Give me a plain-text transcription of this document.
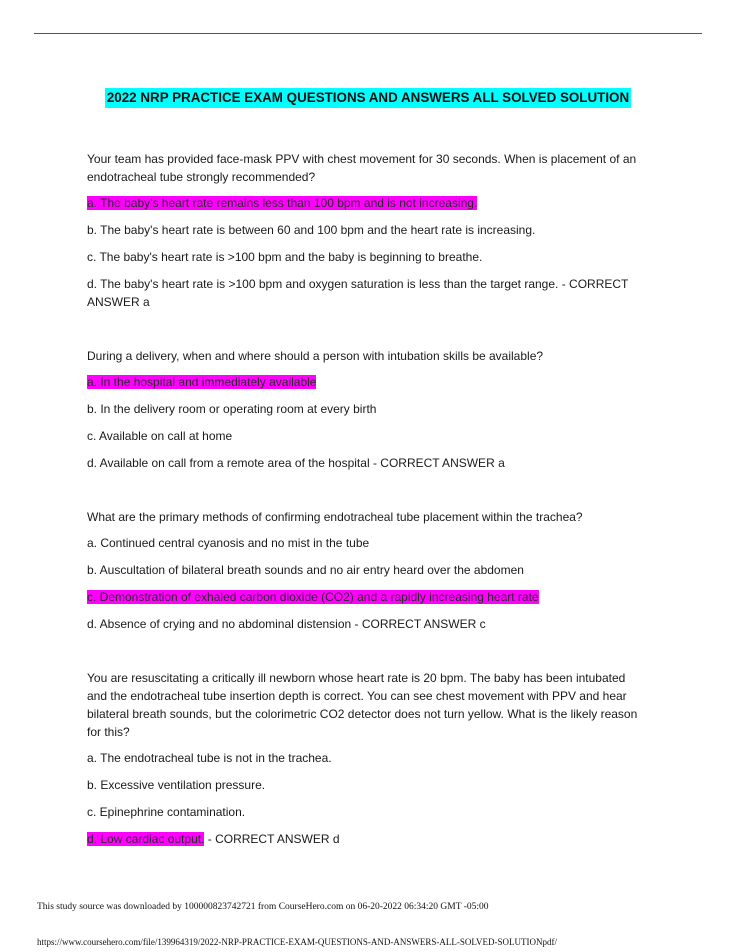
2022 NRP PRACTICE EXAM QUESTIONS AND ANSWERS ALL SOLVED SOLUTION

Your team has provided face-mask PPV with chest movement for 30 seconds. When is placement of an endotracheal tube strongly recommended?

a. The baby's heart rate remains less than 100 bpm and is not increasing.

b. The baby's heart rate is between 60 and 100 bpm and the heart rate is increasing.

c. The baby's heart rate is >100 bpm and the baby is beginning to breathe.

d. The baby's heart rate is >100 bpm and oxygen saturation is less than the target range. - CORRECT ANSWER a

During a delivery, when and where should a person with intubation skills be available?

a. In the hospital and immediately available

b. In the delivery room or operating room at every birth

c. Available on call at home

d. Available on call from a remote area of the hospital - CORRECT ANSWER a

What are the primary methods of confirming endotracheal tube placement within the trachea?

a. Continued central cyanosis and no mist in the tube

b. Auscultation of bilateral breath sounds and no air entry heard over the abdomen

c. Demonstration of exhaled carbon dioxide (CO2) and a rapidly increasing heart rate

d. Absence of crying and no abdominal distension - CORRECT ANSWER c

You are resuscitating a critically ill newborn whose heart rate is 20 bpm. The baby has been intubated and the endotracheal tube insertion depth is correct. You can see chest movement with PPV and hear bilateral breath sounds, but the colorimetric CO2 detector does not turn yellow. What is the likely reason for this?

a. The endotracheal tube is not in the trachea.

b. Excessive ventilation pressure.

c. Epinephrine contamination.

d. Low cardiac output. - CORRECT ANSWER d

This study source was downloaded by 100000823742721 from CourseHero.com on 06-20-2022 06:34:20 GMT -05:00
https://www.coursehero.com/file/139964319/2022-NRP-PRACTICE-EXAM-QUESTIONS-AND-ANSWERS-ALL-SOLVED-SOLUTIONpdf/
